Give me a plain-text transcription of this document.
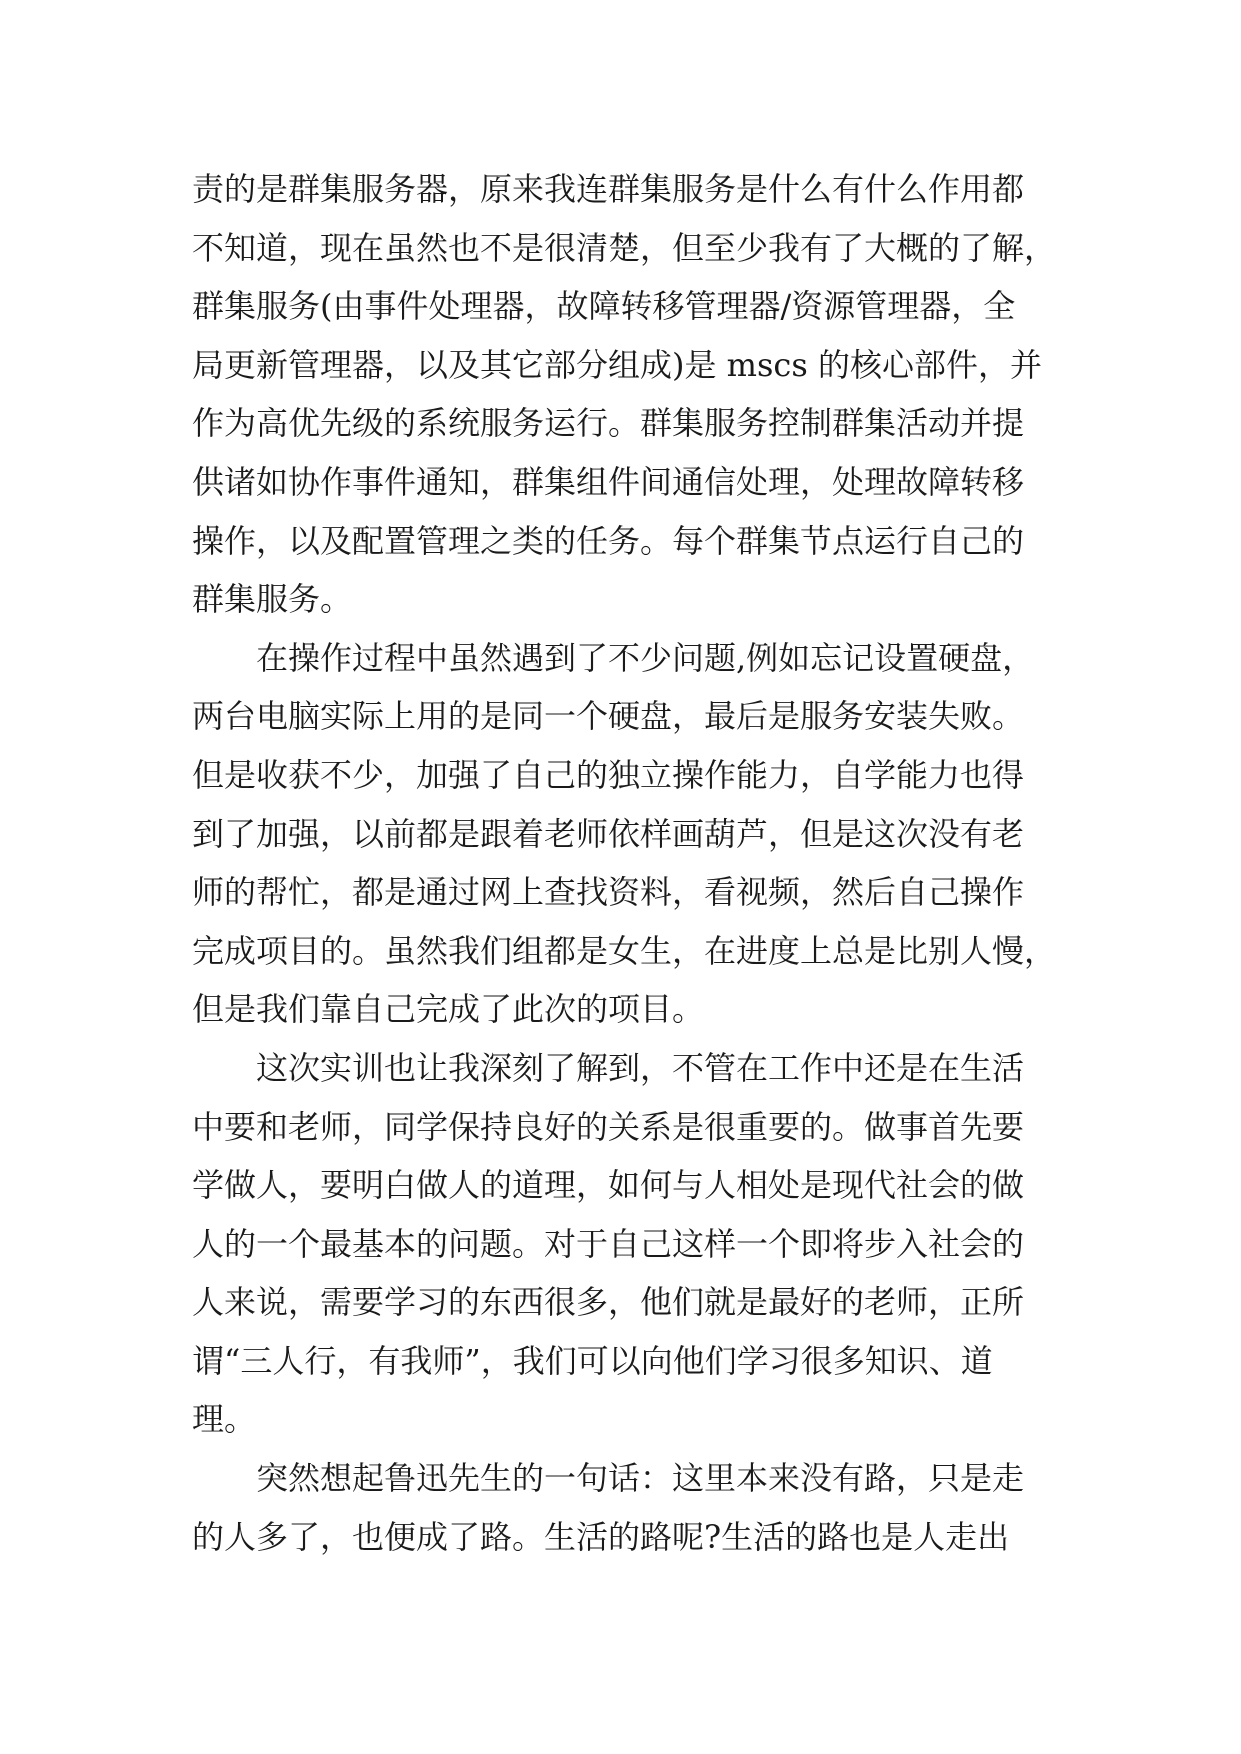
责的是群集服务器，原来我连群集服务是什么有什么作用都
不知道，现在虽然也不是很清楚，但至少我有了大概的了解，
群集服务(由事件处理器，故障转移管理器/资源管理器，全
局更新管理器，以及其它部分组成)是 mscs 的核心部件，并
作为高优先级的系统服务运行。群集服务控制群集活动并提
供诸如协作事件通知，群集组件间通信处理，处理故障转移
操作，以及配置管理之类的任务。每个群集节点运行自己的
群集服务。
在操作过程中虽然遇到了不少问题,例如忘记设置硬盘，
两台电脑实际上用的是同一个硬盘，最后是服务安装失败。
但是收获不少，加强了自己的独立操作能力，自学能力也得
到了加强，以前都是跟着老师依样画葫芦，但是这次没有老
师的帮忙，都是通过网上查找资料，看视频，然后自己操作
完成项目的。虽然我们组都是女生，在进度上总是比别人慢，
但是我们靠自己完成了此次的项目。
这次实训也让我深刻了解到，不管在工作中还是在生活
中要和老师，同学保持良好的关系是很重要的。做事首先要
学做人，要明白做人的道理，如何与人相处是现代社会的做
人的一个最基本的问题。对于自己这样一个即将步入社会的
人来说，需要学习的东西很多，他们就是最好的老师，正所
谓“三人行，有我师”，我们可以向他们学习很多知识、道
理。
突然想起鲁迅先生的一句话：这里本来没有路，只是走
的人多了，也便成了路。生活的路呢?生活的路也是人走出
